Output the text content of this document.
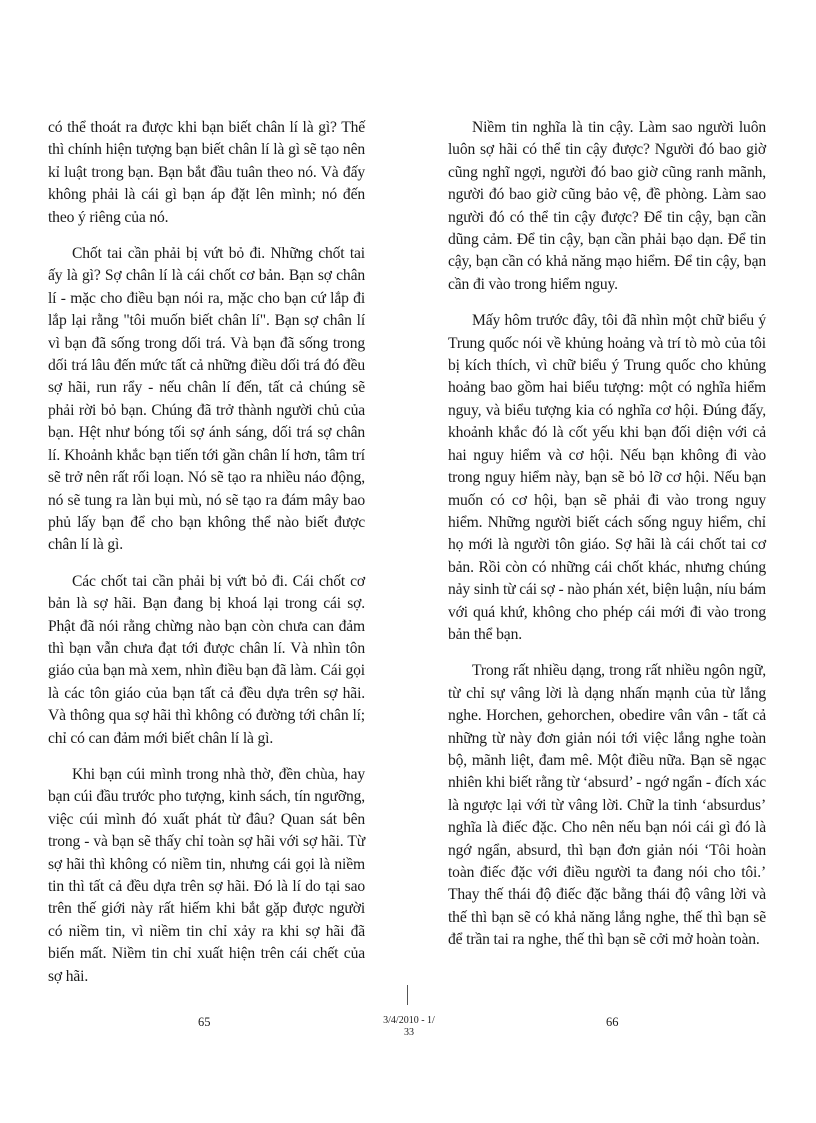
có thể thoát ra được khi bạn biết chân lí là gì? Thế thì chính hiện tượng bạn biết chân lí là gì sẽ tạo nên kỉ luật trong bạn. Bạn bắt đầu tuân theo nó. Và đấy không phải là cái gì bạn áp đặt lên mình; nó đến theo ý riêng của nó.

Chốt tai cần phải bị vứt bỏ đi. Những chốt tai ấy là gì? Sợ chân lí là cái chốt cơ bản. Bạn sợ chân lí - mặc cho điều bạn nói ra, mặc cho bạn cứ lắp đi lắp lại rằng "tôi muốn biết chân lí". Bạn sợ chân lí vì bạn đã sống trong dối trá. Và bạn đã sống trong dối trá lâu đến mức tất cả những điều dối trá đó đều sợ hãi, run rẩy - nếu chân lí đến, tất cả chúng sẽ phải rời bỏ bạn. Chúng đã trở thành người chủ của bạn. Hệt như bóng tối sợ ánh sáng, dối trá sợ chân lí. Khoảnh khắc bạn tiến tới gần chân lí hơn, tâm trí sẽ trở nên rất rối loạn. Nó sẽ tạo ra nhiều náo động, nó sẽ tung ra làn bụi mù, nó sẽ tạo ra đám mây bao phủ lấy bạn để cho bạn không thể nào biết được chân lí là gì.

Các chốt tai cần phải bị vứt bỏ đi. Cái chốt cơ bản là sợ hãi. Bạn đang bị khoá lại trong cái sợ. Phật đã nói rằng chừng nào bạn còn chưa can đảm thì bạn vẫn chưa đạt tới được chân lí. Và nhìn tôn giáo của bạn mà xem, nhìn điều bạn đã làm. Cái gọi là các tôn giáo của bạn tất cả đều dựa trên sợ hãi. Và thông qua sợ hãi thì không có đường tới chân lí; chỉ có can đảm mới biết chân lí là gì.

Khi bạn cúi mình trong nhà thờ, đền chùa, hay bạn cúi đầu trước pho tượng, kinh sách, tín ngưỡng, việc cúi mình đó xuất phát từ đâu? Quan sát bên trong - và bạn sẽ thấy chỉ toàn sợ hãi với sợ hãi. Từ sợ hãi thì không có niềm tin, nhưng cái gọi là niềm tin thì tất cả đều dựa trên sợ hãi. Đó là lí do tại sao trên thế giới này rất hiếm khi bắt gặp được người có niềm tin, vì niềm tin chỉ xảy ra khi sợ hãi đã biến mất. Niềm tin chỉ xuất hiện trên cái chết của sợ hãi.

Niềm tin nghĩa là tin cậy. Làm sao người luôn luôn sợ hãi có thể tin cậy được? Người đó bao giờ cũng nghĩ ngợi, người đó bao giờ cũng ranh mãnh, người đó bao giờ cũng bảo vệ, đề phòng. Làm sao người đó có thể tin cậy được? Để tin cậy, bạn cần dũng cảm. Để tin cậy, bạn cần phải bạo dạn. Để tin cậy, bạn cần có khả năng mạo hiểm. Để tin cậy, bạn cần đi vào trong hiểm nguy.

Mấy hôm trước đây, tôi đã nhìn một chữ biểu ý Trung quốc nói về khủng hoảng và trí tò mò của tôi bị kích thích, vì chữ biểu ý Trung quốc cho khủng hoảng bao gồm hai biểu tượng: một có nghĩa hiểm nguy, và biểu tượng kia có nghĩa cơ hội. Đúng đấy, khoảnh khắc đó là cốt yếu khi bạn đối diện với cả hai nguy hiểm và cơ hội. Nếu bạn không đi vào trong nguy hiểm này, bạn sẽ bỏ lỡ cơ hội. Nếu bạn muốn có cơ hội, bạn sẽ phải đi vào trong nguy hiểm. Những người biết cách sống nguy hiểm, chỉ họ mới là người tôn giáo. Sợ hãi là cái chốt tai cơ bản. Rồi còn có những cái chốt khác, nhưng chúng nảy sinh từ cái sợ - nào phán xét, biện luận, níu bám với quá khứ, không cho phép cái mới đi vào trong bản thể bạn.

Trong rất nhiều dạng, trong rất nhiều ngôn ngữ, từ chỉ sự vâng lời là dạng nhấn mạnh của từ lắng nghe. Horchen, gehorchen, obedire vân vân - tất cả những từ này đơn giản nói tới việc lắng nghe toàn bộ, mãnh liệt, đam mê. Một điều nữa. Bạn sẽ ngạc nhiên khi biết rằng từ ‘absurd’ - ngớ ngẩn - đích xác là ngược lại với từ vâng lời. Chữ la tinh ‘absurdus’ nghĩa là điếc đặc. Cho nên nếu bạn nói cái gì đó là ngớ ngẩn, absurd, thì bạn đơn giản nói ‘Tôi hoàn toàn điếc đặc với điều người ta đang nói cho tôi.’ Thay thế thái độ điếc đặc bằng thái độ vâng lời và thế thì bạn sẽ có khả năng lắng nghe, thế thì bạn sẽ để trần tai ra nghe, thế thì bạn sẽ cởi mở hoàn toàn.

65	3/4/2010 - 1/ 33
66
